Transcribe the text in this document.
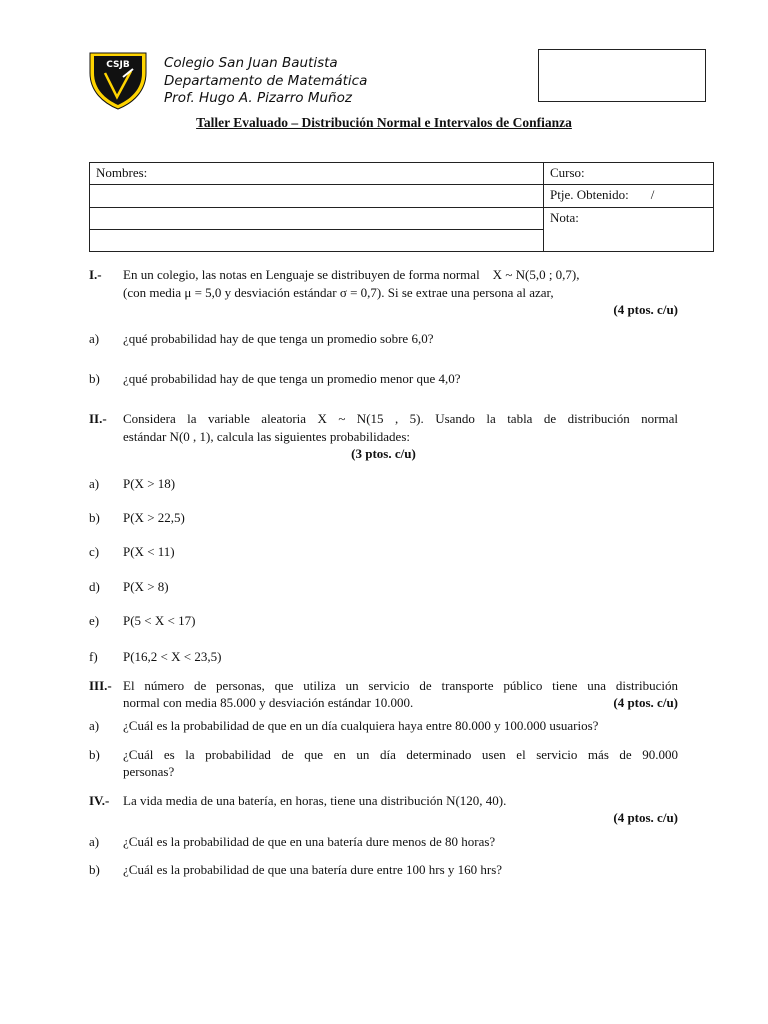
CSJB	Colegio San Juan Bautista
Departamento de Matemática
Prof. Hugo A. Pizarro Muñoz
Taller Evaluado – Distribución Normal e Intervalos de Confianza
Nombres:	Curso:
	Ptje. Obtenido: /
	Nota:

I.- En un colegio, las notas en Lenguaje se distribuyen de forma normal    X ~ N(5,0 ; 0,7),
(con media μ = 5,0 y desviación estándar σ = 0,7). Si se extrae una persona al azar,
(4 ptos. c/u)
a) ¿qué probabilidad hay de que tenga un promedio sobre 6,0?
b) ¿qué probabilidad hay de que tenga un promedio menor que 4,0?
II.- Considera la variable aleatoria X ~ N(15 , 5). Usando la tabla de distribución normal
estándar N(0 , 1), calcula las siguientes probabilidades:
(3 ptos. c/u)
a) P(X > 18)
b) P(X > 22,5)
c) P(X < 11)
d) P(X > 8)
e) P(5 < X < 17)
f) P(16,2 < X < 23,5)
III.- El número de personas, que utiliza un servicio de transporte público tiene una distribución
normal con media 85.000 y desviación estándar 10.000.	(4 ptos. c/u)
a) ¿Cuál es la probabilidad de que en un día cualquiera haya entre 80.000 y 100.000 usuarios?
b) ¿Cuál es la probabilidad de que en un día determinado usen el servicio más de 90.000
personas?
IV.- La vida media de una batería, en horas, tiene una distribución N(120, 40).
(4 ptos. c/u)
a) ¿Cuál es la probabilidad de que en una batería dure menos de 80 horas?
b) ¿Cuál es la probabilidad de que una batería dure entre 100 hrs y 160 hrs?
